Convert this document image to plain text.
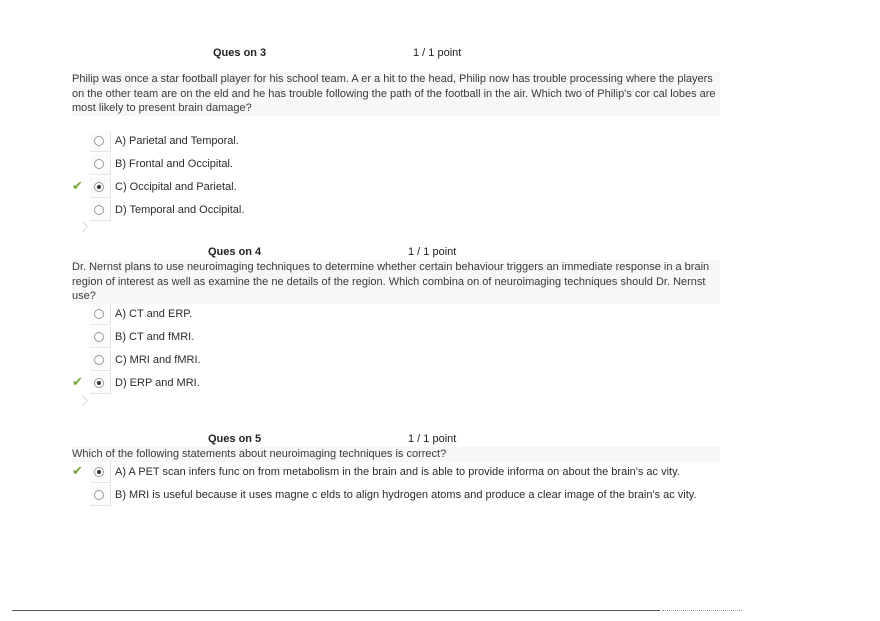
Ques on 3	1 / 1 point
Philip was once a star football player for his school team. A er a hit to the head, Philip now has trouble processing where the players on the other team are on the eld and he has trouble following the path of the football in the air. Which two of Philip's cor cal lobes are most likely to present brain damage?
A) Parietal and Temporal.
B) Frontal and Occipital.
✔	C) Occipital and Parietal.
D) Temporal and Occipital.
〉
Ques on 4	1 / 1 point
Dr. Nernst plans to use neuroimaging techniques to determine whether certain behaviour triggers an immediate response in a brain region of interest as well as examine the ne details of the region. Which combina on of neuroimaging techniques should Dr. Nernst use?
A) CT and ERP.
B) CT and fMRI.
C) MRI and fMRI.
✔	D) ERP and MRI.
〉
Ques on 5	1 / 1 point
Which of the following statements about neuroimaging techniques is correct?
✔	A) A PET scan infers func on from metabolism in the brain and is able to provide informa on about the brain's ac vity.
B) MRI is useful because it uses magne c elds to align hydrogen atoms and produce a clear image of the brain's ac vity.
